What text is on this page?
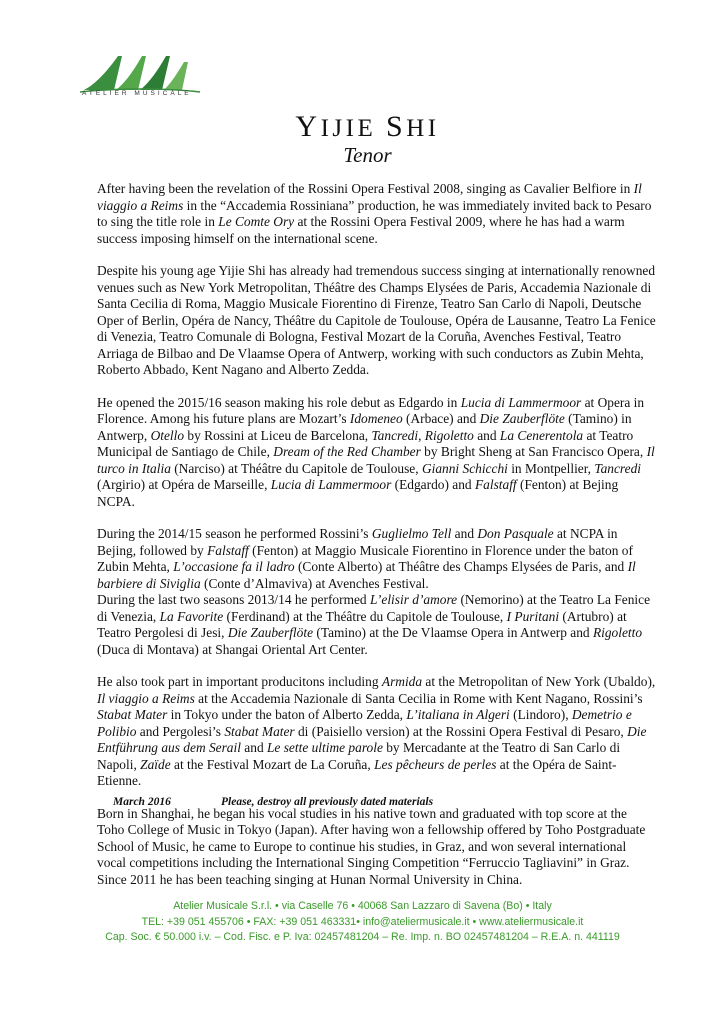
ATELIER MUSICALE
YIJIE SHI
Tenor

After having been the revelation of the Rossini Opera Festival 2008, singing as Cavalier Belfiore in Il viaggio a Reims in the “Accademia Rossiniana” production, he was immediately invited back to Pesaro to sing the title role in Le Comte Ory at the Rossini Opera Festival 2009, where he has had a warm success imposing himself on the international scene.

Despite his young age Yijie Shi has already had tremendous success singing at internationally renowned venues such as New York Metropolitan, Théâtre des Champs Elysées de Paris, Accademia Nazionale di Santa Cecilia di Roma, Maggio Musicale Fiorentino di Firenze, Teatro San Carlo di Napoli, Deutsche Oper of Berlin, Opéra de Nancy, Théâtre du Capitole de Toulouse, Opéra de Lausanne, Teatro La Fenice di Venezia, Teatro Comunale di Bologna, Festival Mozart de la Coruña, Avenches Festival, Teatro Arriaga de Bilbao and De Vlaamse Opera of Antwerp, working with such conductors as Zubin Mehta, Roberto Abbado, Kent Nagano and Alberto Zedda.

He opened the 2015/16 season making his role debut as Edgardo in Lucia di Lammermoor at Opera in Florence. Among his future plans are Mozart’s Idomeneo (Arbace) and Die Zauberflöte (Tamino) in Antwerp, Otello by Rossini at Liceu de Barcelona, Tancredi, Rigoletto and La Cenerentola at Teatro Municipal de Santiago de Chile, Dream of the Red Chamber by Bright Sheng at San Francisco Opera, Il turco in Italia (Narciso) at Théâtre du Capitole de Toulouse, Gianni Schicchi in Montpellier, Tancredi (Argirio) at Opéra de Marseille, Lucia di Lammermoor (Edgardo) and Falstaff (Fenton) at Bejing NCPA.

During the 2014/15 season he performed Rossini’s Guglielmo Tell and Don Pasquale at NCPA in Bejing, followed by Falstaff (Fenton) at Maggio Musicale Fiorentino in Florence under the baton of Zubin Mehta, L’occasione fa il ladro (Conte Alberto) at Théâtre des Champs Elysées de Paris, and Il barbiere di Siviglia (Conte d’Almaviva) at Avenches Festival.

During the last two seasons 2013/14 he performed L’elisir d’amore (Nemorino) at the Teatro La Fenice di Venezia, La Favorite (Ferdinand) at the Théâtre du Capitole de Toulouse, I Puritani (Artubro) at Teatro Pergolesi di Jesi, Die Zauberflöte (Tamino) at the De Vlaamse Opera in Antwerp and Rigoletto (Duca di Montava) at Shangai Oriental Art Center.

He also took part in important producitons including Armida at the Metropolitan of New York (Ubaldo), Il viaggio a Reims at the Accademia Nazionale di Santa Cecilia in Rome with Kent Nagano, Rossini’s Stabat Mater in Tokyo under the baton of Alberto Zedda, L’italiana in Algeri (Lindoro), Demetrio e Polibio and Pergolesi’s Stabat Mater di (Paisiello version) at the Rossini Opera Festival di Pesaro, Die Entführung aus dem Serail and Le sette ultime parole by Mercadante at the Teatro di San Carlo di Napoli, Zaïde at the Festival Mozart de La Coruña, Les pêcheurs de perles at the Opéra de Saint-Etienne.

Born in Shanghai, he began his vocal studies in his native town and graduated with top score at the Toho College of Music in Tokyo (Japan). After having won a fellowship offered by Toho Postgraduate School of Music, he came to Europe to continue his studies, in Graz, and won several international vocal competitions including the International Singing Competition “Ferruccio Tagliavini” in Graz.

Since 2011 he has been teaching singing at Hunan Normal University in China.

March 2016	Please, destroy all previously dated materials
Atelier Musicale S.r.l. • via Caselle 76 • 40068 San Lazzaro di Savena (Bo) • Italy
TEL: +39 051 455706 • FAX: +39 051 463331• info@ateliermusicale.it • www.ateliermusicale.it
Cap. Soc. € 50.000 i.v. – Cod. Fisc. e P. Iva: 02457481204 – Re. Imp. n. BO 02457481204 – R.E.A. n. 441119
